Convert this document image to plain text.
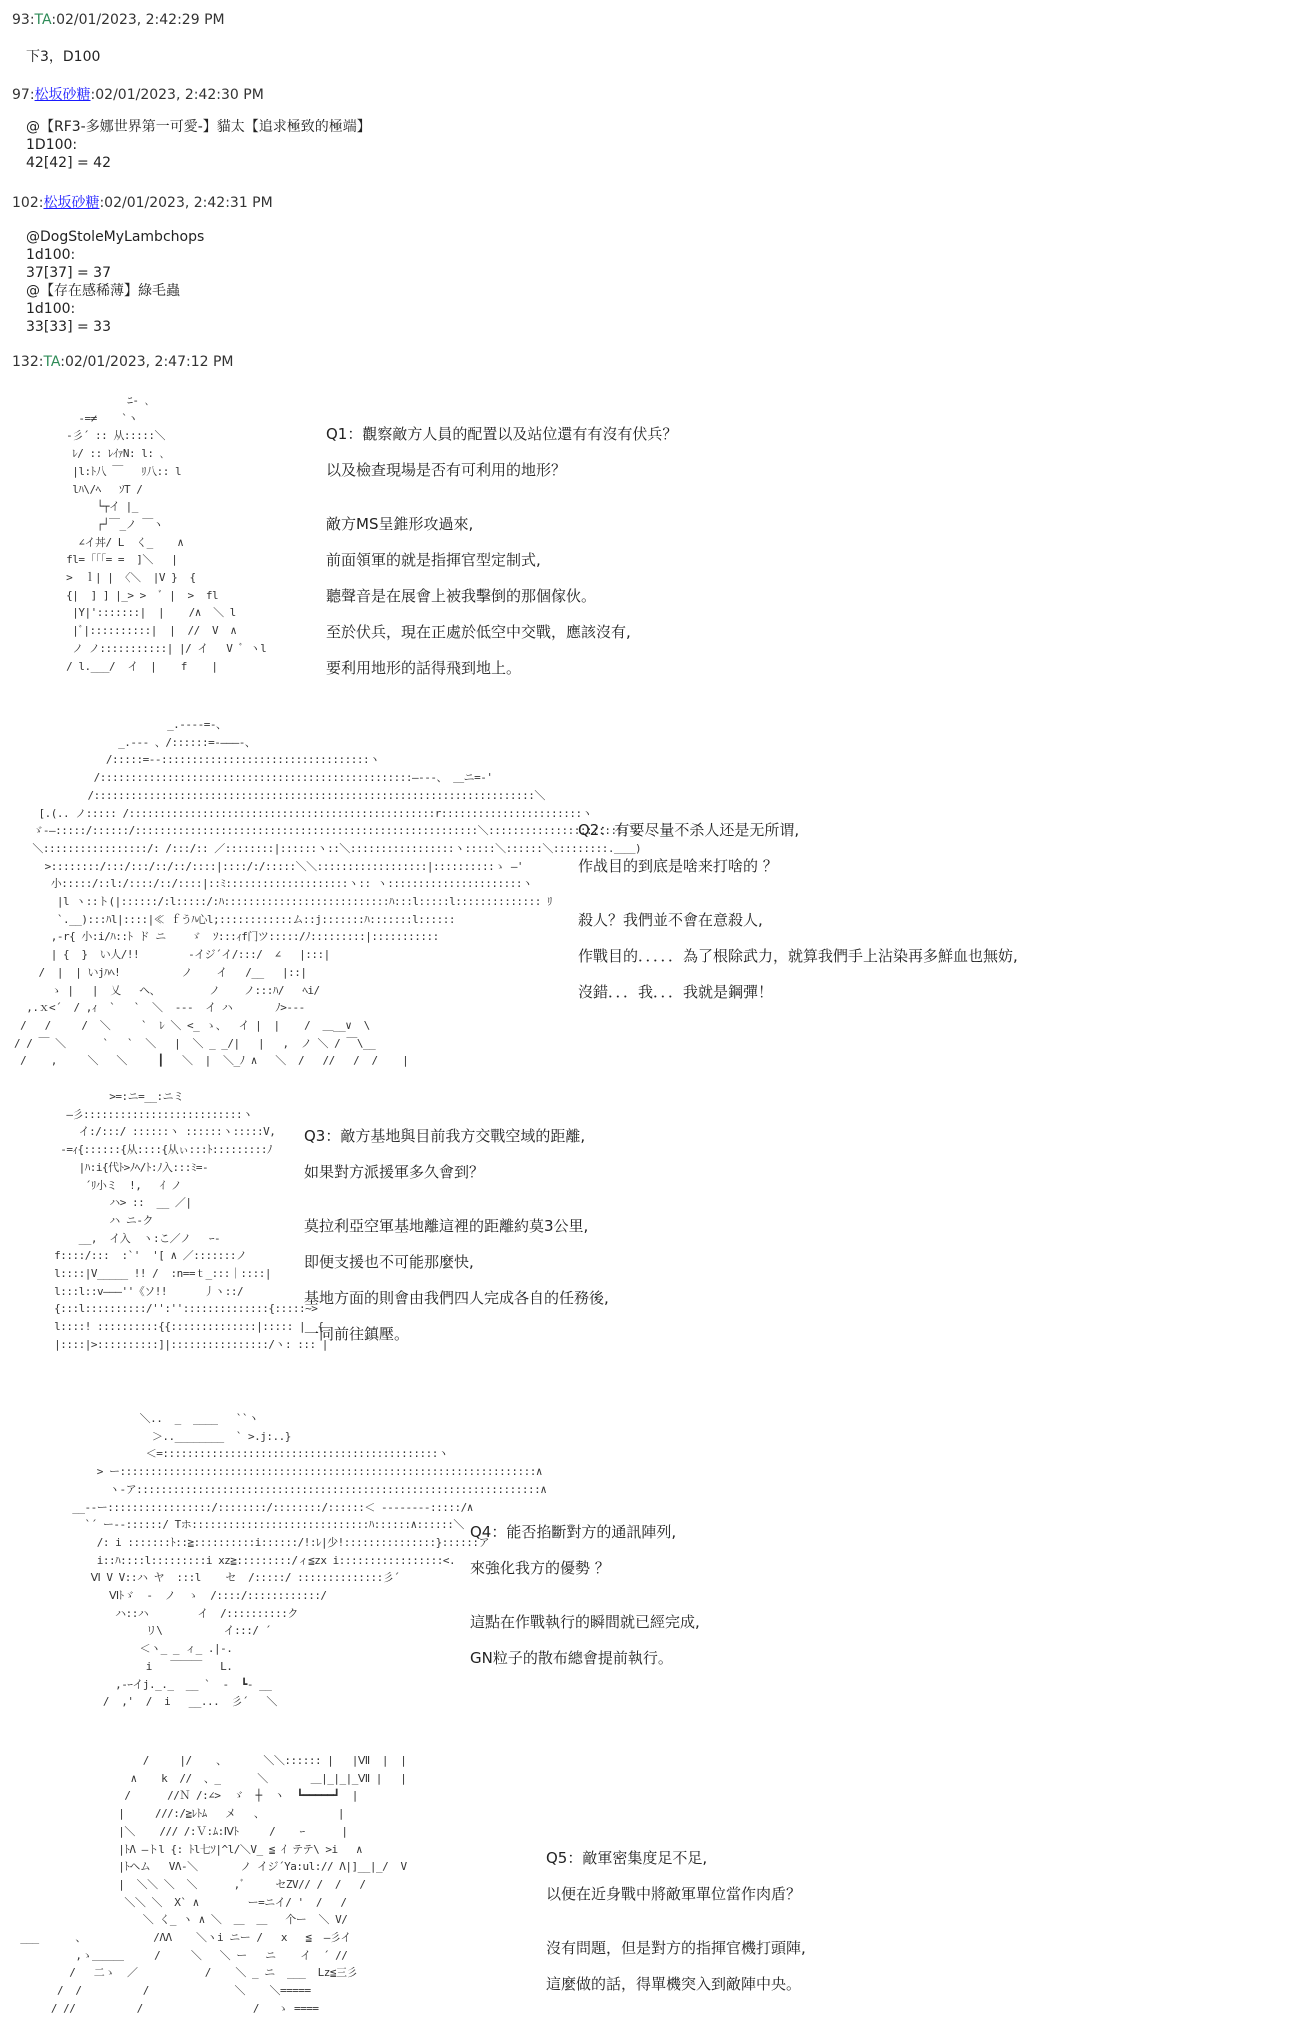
93:TA:02/01/2023, 2:42:29 PM
下3，D100
97:松坂砂糖:02/01/2023, 2:42:30 PM
@【RF3-多娜世界第一可愛-】貓太【追求極致的極端】
1D100:
42[42] = 42
102:松坂砂糖:02/01/2023, 2:42:31 PM
@DogStoleMyLambchops
1d100:
37[37] = 37
@【存在感稀薄】綠毛蟲
1d100:
33[33] = 33
132:TA:02/01/2023, 2:47:12 PM
ﾆ- ､
-=≠    `ヽ
-彡´ :: 从:::::＼
ﾚ/ :: ﾚｲｧN: l: ､
|l:ﾄ八 ￣   ﾘ八:: l
lﾊ\/ﾍ   ｿT /
└┬イ |_
┌┘￣_ノ ￣ヽ
∠イ丼/ L  く_    ∧
fl= ｢｢｢= =  ]＼   |
>  ｌ| | 〈＼  |V }  {
{|  ] ] |_> >  ﾞ |  >  fl
|Y|':::::::|  |    /∧  ＼ l
|ﾞ|::::::::::|  |  //  V  ∧
ノ ノ:::::::::::| |/ イ   V ﾞ ヽl
/ l.___/  イ  |    f    |
Q1：觀察敵方人員的配置以及站位還有有沒有伏兵？
以及檢查現場是否有可利用的地形？
敵方MS呈錐形攻過來,
前面領軍的就是指揮官型定制式,
聽聲音是在展會上被我擊倒的那個傢伙。
至於伏兵，現在正處於低空中交戰，應該沒有,
要利用地形的話得飛到地上。
_.-‐--=-、
_.--- 、/::::::=-―――-、
/:::::=-‐::::::::::::::::::::::::::::::::::ヽ
/:::::::::::::::::::::::::::::::::::::::::::::::::::―---、 ＿ニ=-'
/::::::::::::::::::::::::::::::::::::::::::::::::::::::::::::::::::::::::＼
[.(.. ノ::::: /::::::::::::::::::::::::::::::::::::::::::::::::::r:::::::::::::::::::::::ヽ
ゞ-―:::::/::::::/::::::::::::::::::::::::::::::::::::::::::::::::::::::::＼:::::::::::::::::::::::＼
＼:::::::::::::::::/: /:::/:: ／::::::::|::::::ヽ::＼:::::::::::::::::ヽ:::::＼::::::＼:::::::::.＿＿)
>::::::::/:::/:::/::/::/::::|::::/:/:::::＼＼::::::::::::::::::|::::::::::ゝ ―'
小:::::/::l:/::::/::/::::|::ﾐ::::::::::::::::::::ヽ:: ヽ::::::::::::::::::::::ヽ
|l ヽ::ト(|::::::/:l:::::/:ﾊ:::::::::::::::::::::::::::ﾊ:::l:::::l:::::::::::::: ﾘ
`.__):::ﾊl|::::|≪ ｆうﾊ心l;::::::::::::ム::j:::::::ﾊ:::::::l::::::
,-r{ 小:i/ﾊ::ﾄ ド ニ    ゞ  ｿ:::ｨf门ツ:::::/ﾉ:::::::::|:::::::::::
| {  }  い人/!!        -イジ´イ/:::/  ∠   |:::|
/  |  | いjﾊﾍ!          ノ    イ   /__   |::|
ゝ |   |  乂   ヘ、        ノ    ノ:::ﾊ/   ﾍi/
,.ｘ<´  / ,ｨ  `   `  ＼  ---  イ ハ       ﾉ>---
/   /     /  ＼     `  ﾚ ＼ <_ ゝ、  イ |  |    /  ＿__∨  \
/ / ￣ ＼      `   `  ＼   |  ＼ _ _/|   |   ,  ノ ＼ / ￣\__
/    ,     ＼   ＼     ┃   ＼  |  ＼_ﾉ ∧   ＼  /   //   /  /    |
Q2：有要尽量不杀人还是无所谓,
作战目的到底是啥来打啥的 ？
殺人？我們並不會在意殺人,
作戰目的．．．．．為了根除武力，就算我們手上沾染再多鮮血也無妨,
沒錯．．．我．．．我就是鋼彈！
>=:ニ=__:ニミ
―彡::::::::::::::::::::::::::ヽ
イ:/:::/ ::::::ヽ ::::::ヽ:::::V,
‐=ｨ{::::::{从::::{从ぃ:::ﾄ:::::::::ﾉ
|ﾊ:i{代ﾄ>ﾉﾍ/ﾄ:ﾉ入:::ﾐ=-
´ﾘ小ミ  !,   ｲ ノ
ハ> ::  __ ／|
ハ ニ-ク
__,  イ入  ヽ:こ／ノ   ｰ-
f::::/:::  :`'  '[ ∧ ／:::::::ノ
l::::|V_____ !! /  :n==ｔ_:::｜::::|
l:::l::v―――''《ソ!!      丿ヽ::/
{:::l::::::::::/'':''::::::::::::::{:::::~>
l::::! ::::::::::{{::::::::::::::|::::: |  {
|::::|>::::::::::]|::::::::::::::::/ヽ: ::: |
Q3：敵方基地與目前我方交戰空域的距離,
如果對方派援軍多久會到？
莫拉利亞空軍基地離這裡的距離約莫3公里,
即便支援也不可能那麼快,
基地方面的則會由我們四人完成各自的任務後,
一同前往鎮壓。
＼..  _  ____   ``ヽ
＞..________  ` >.j:..}
＜=:::::::::::::::::::::::::::::::::::::::::::::ヽ
> ー::::::::::::::::::::::::::::::::::::::::::::::::::::::::::::::::::::∧
ヽ-ア::::::::::::::::::::::::::::::::::::::::::::::::::::::::::::::::::∧
__--ー:::::::::::::::::/::::::::/::::::::/::::::＜ --------:::::/∧
`´ ー--::::::/ Tホ:::::::::::::::::::::::::::::ﾊ::::::∧::::::＼
/: i :::::::ﾄ::≧::::::::::i::::::/!:ﾚ|少!:::::::::::::::}::::::ア
i::ﾊ::::l:::::::::i xz≧:::::::::/ィ≦zx i:::::::::::::::::<.
Ⅵ V V::ハ ヤ  :::l    セ  /:::::/ ::::::::::::::彡´
Ⅵﾄゞ  -  ノ  ゝ  /::::/::::::::::::/
ハ::ハ        イ  /::::::::::ク
リ\          イ:::/ ´
＜ヽ_ _ ィ_ .|‐.
i   ￣￣￣   L.
,-ｰイj._._  __ `  ‐  ┗‐ __
/  ,'  /  i   __...  彡´   ＼
Q4：能否掐斷對方的通訊陣列,
來強化我方的優勢 ？
這點在作戰執行的瞬間就已經完成,
GN粒子的散布總會提前執行。
/     |/    、      ＼＼:::::: |   |Ⅶ  |  |
∧    k  //  、_      ＼       ＿|_|_|_Ⅶ |   |
/      //Ｎ /:∠>  ゞ  ┼  ヽ  ┗━━━━━┛  |
|     ///:/≧ﾚﾄﾑ   メ   、            |
|＼    /// /:Ｖ:ﾑ:Ⅳﾄ     /    ｰ      |
|ﾄΛ ―トl {: ﾄl七ｿ|^l/＼V_ ≦ ｲ テテ\ >i   ∧
|ﾄヘム   VΛ-＼       ノ イジ´Ya:ul:// Λ|]__|_/  V
|  ＼＼ ＼  ＼      ,ﾞ     セZV// /  /   /
＼＼ ＼  X` ∧        ー=ニイ/ '  /   /
＼ く_ ヽ ∧ ＼  ＿  ＿   个ー  ＼ V/
___      、           /ΛΛ    ＼ヽi ニー /   x   ≦  ―彡イ
,ゝ＿＿＿     /     ＼   ＼ ー   ニ    イ  ´ //
/   二ゝ  ／           /    ＼ _ ニ  ___  Lz≦三彡
/  /          /              ＼    ＼=====
/ //          /                  /   ゝ ====
Q5：敵軍密集度足不足,
以便在近身戰中將敵軍單位當作肉盾？
沒有問題，但是對方的指揮官機打頭陣,
這麼做的話，得單機突入到敵陣中央。
